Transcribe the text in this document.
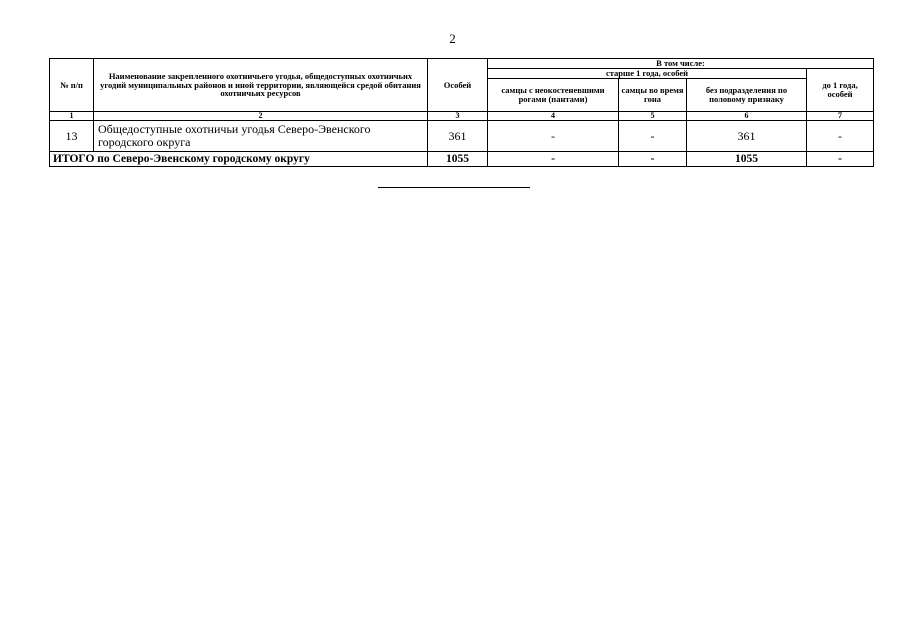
2
№ п/п	Наименование закрепленного охотничьего угодья, общедоступных охотничьих угодий муниципальных районов и иной территории, являющейся средой обитания охотничьих ресурсов	Особей	В том числе:			
			старше 1 года, особей			до 1 года, особей
			самцы с неокостеневшими рогами (пантами)	самцы во время гона	без подразделения по половому признаку	
1	2	3	4	5	6	7
13	Общедоступные охотничьи угодья Северо-Эвенского городского округа	361	-	-	361	-
ИТОГО по Северо-Эвенскому городскому округу		1055	-	-	1055	-
